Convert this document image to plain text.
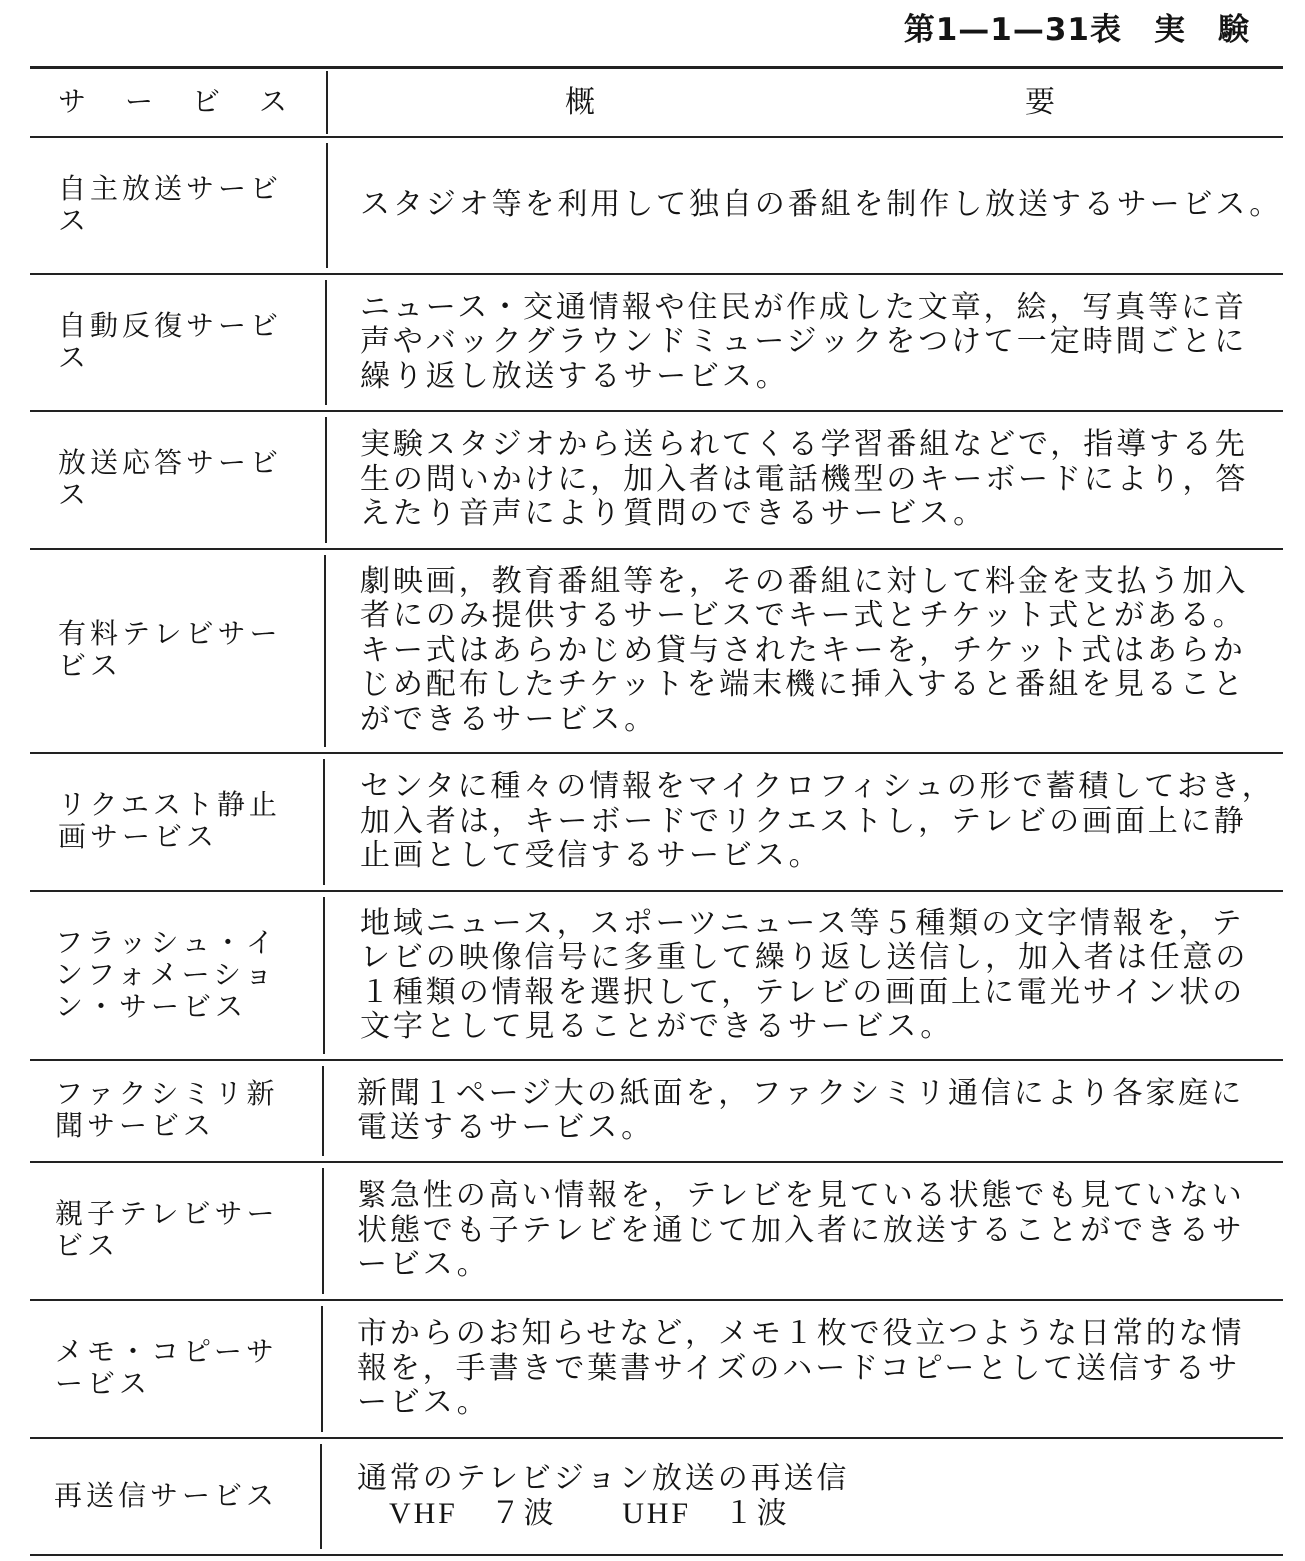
第1—1—31表　実　験
サービス	概要
自主放送サービ
ス	スタジオ等を利用して独自の番組を制作し放送するサービス。
自動反復サービ
ス
ニュース・交通情報や住民が作成した文章，絵，写真等に音
声やバックグラウンドミュージックをつけて一定時間ごとに
繰り返し放送するサービス。
放送応答サービ
ス
実験スタジオから送られてくる学習番組などで，指導する先
生の問いかけに，加入者は電話機型のキーボードにより，答
えたり音声により質問のできるサービス。
有料テレビサー
ビス
劇映画，教育番組等を，その番組に対して料金を支払う加入
者にのみ提供するサービスでキー式とチケット式とがある。
キー式はあらかじめ貸与されたキーを，チケット式はあらか
じめ配布したチケットを端末機に挿入すると番組を見ること
ができるサービス。
リクエスト静止
画サービス
センタに種々の情報をマイクロフィシュの形で蓄積しておき，
加入者は，キーボードでリクエストし，テレビの画面上に静
止画として受信するサービス。
フラッシュ・イ
ンフォメーショ
ン・サービス
地域ニュース，スポーツニュース等５種類の文字情報を，テ
レビの映像信号に多重して繰り返し送信し，加入者は任意の
１種類の情報を選択して，テレビの画面上に電光サイン状の
文字として見ることができるサービス。
ファクシミリ新
聞サービス
新聞１ページ大の紙面を，ファクシミリ通信により各家庭に
電送するサービス。
親子テレビサー
ビス
緊急性の高い情報を，テレビを見ている状態でも見ていない
状態でも子テレビを通じて加入者に放送することができるサ
ービス。
メモ・コピーサ
ービス
市からのお知らせなど，メモ１枚で役立つような日常的な情
報を，手書きで葉書サイズのハードコピーとして送信するサ
ービス。
再送信サービス
通常のテレビジョン放送の再送信
VHF　７波　　UHF　１波
